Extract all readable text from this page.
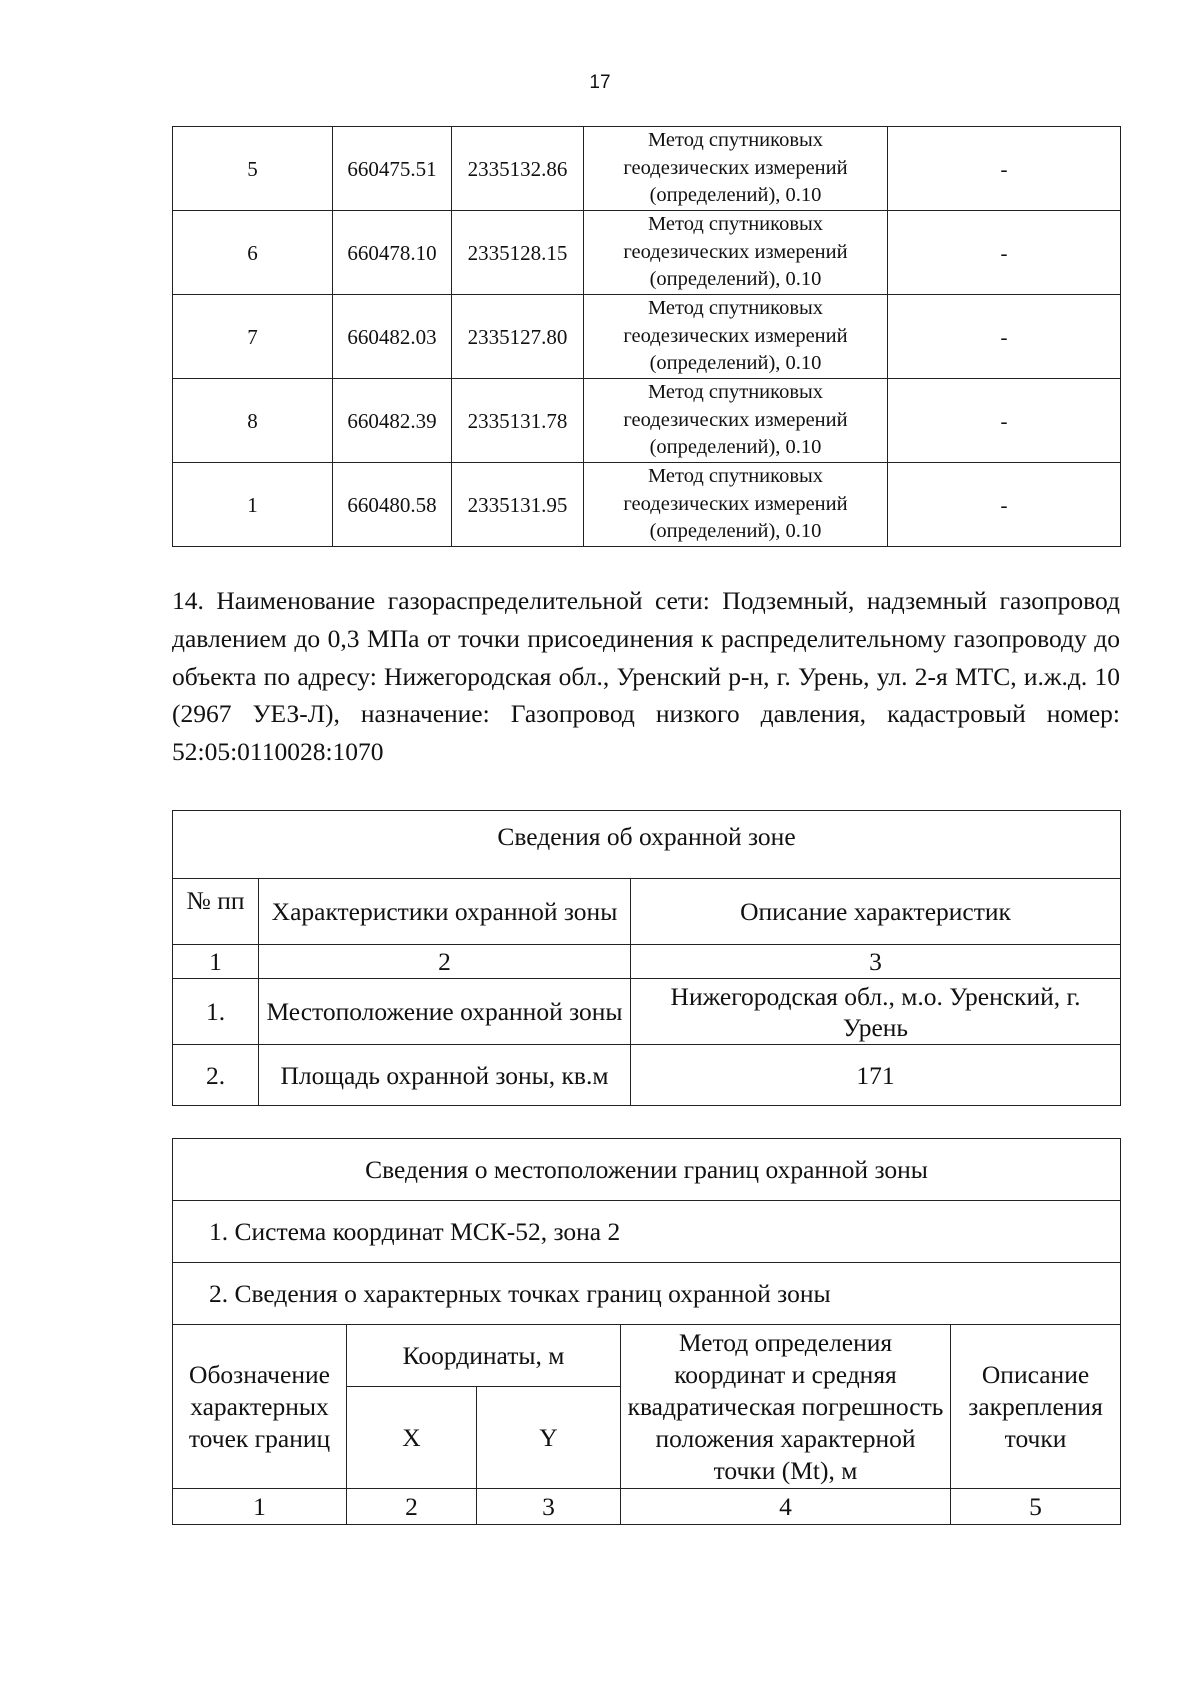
17
5	660475.51	2335132.86	Метод спутниковых
геодезических измерений
(определений), 0.10	-
6	660478.10	2335128.15	Метод спутниковых
геодезических измерений
(определений), 0.10	-
7	660482.03	2335127.80	Метод спутниковых
геодезических измерений
(определений), 0.10	-
8	660482.39	2335131.78	Метод спутниковых
геодезических измерений
(определений), 0.10	-
1	660480.58	2335131.95	Метод спутниковых
геодезических измерений
(определений), 0.10	-
14. Наименование газораспределительной сети: Подземный, надземный газопровод давлением до 0,3 МПа от точки присоединения к распределительному газопроводу до объекта по адресу: Нижегородская обл., Уренский р-н, г. Урень, ул. 2-я МТС, и.ж.д. 10 (2967 УЕЗ-Л), назначение: Газопровод низкого давления, кадастровый номер: 52:05:0110028:1070
Сведения об охранной зоне		
№ пп	Характеристики охранной зоны	Описание характеристик
1	2	3
1.	Местоположение охранной зоны	Нижегородская обл., м.о. Уренский, г. Урень
2.	Площадь охранной зоны, кв.м	171
Сведения о местоположении границ охранной зоны				
1. Система координат МСК-52, зона 2				
2. Сведения о характерных точках границ охранной зоны				
Обозначение характерных точек границ	Координаты, м		Метод определения координат и средняя квадратическая погрешность положения характерной точки (Mt), м	Описание закрепления точки
	X	Y		
1	2	3	4	5
